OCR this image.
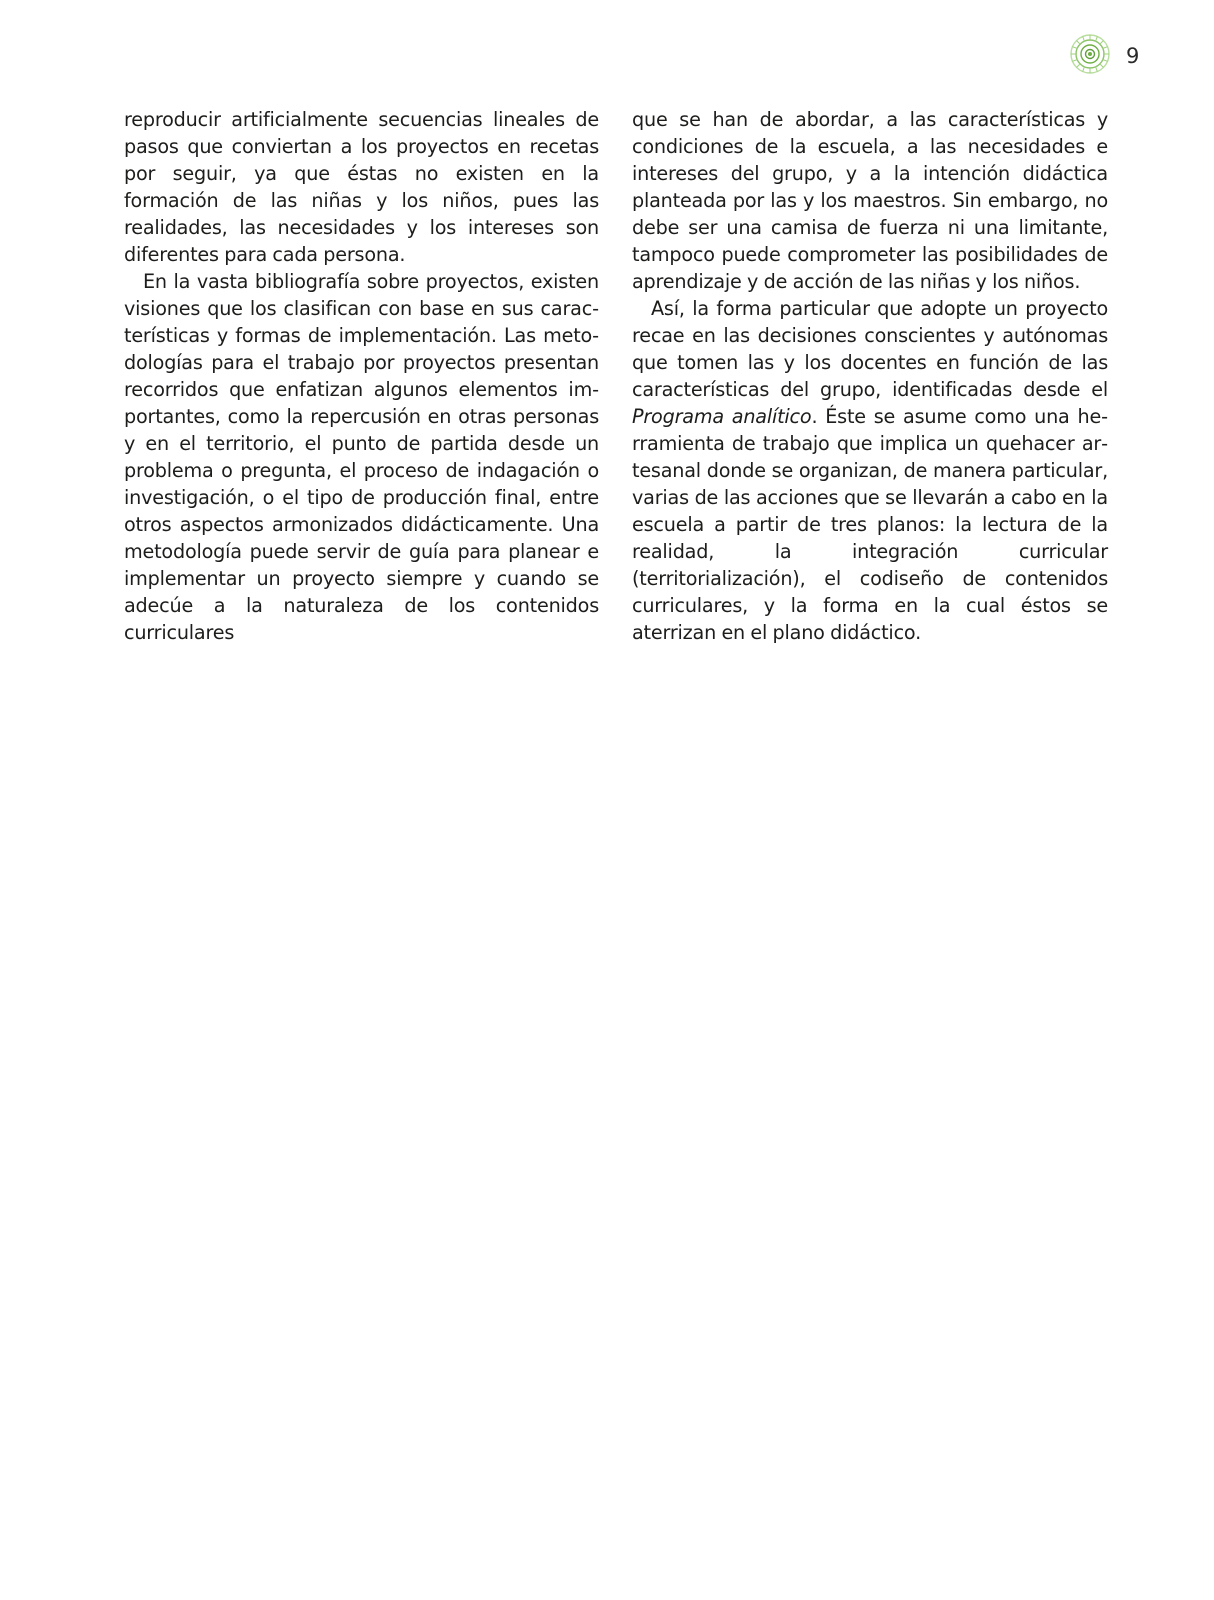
9

reproducir artificialmente secuencias lineales de pasos que conviertan a los proyectos en recetas por seguir, ya que éstas no existen en la formación de las niñas y los niños, pues las realidades, las necesidades y los intereses son diferentes para cada persona.

En la vasta bibliografía sobre proyectos, existen visiones que los clasifican con base en sus características y formas de implementación. Las metodologías para el trabajo por proyectos presentan recorridos que enfatizan algunos elementos importantes, como la repercusión en otras personas y en el territorio, el punto de partida desde un problema o pregunta, el proceso de indagación o investigación, o el tipo de producción final, entre otros aspectos armonizados didácticamente. Una metodología puede servir de guía para planear e implementar un proyecto siempre y cuando se adecúe a la naturaleza de los contenidos curriculares

que se han de abordar, a las características y condiciones de la escuela, a las necesidades e intereses del grupo, y a la intención didáctica planteada por las y los maestros. Sin embargo, no debe ser una camisa de fuerza ni una limitante, tampoco puede comprometer las posibilidades de aprendizaje y de acción de las niñas y los niños.

Así, la forma particular que adopte un proyecto recae en las decisiones conscientes y autónomas que tomen las y los docentes en función de las características del grupo, identificadas desde el Programa analítico. Éste se asume como una herramienta de trabajo que implica un quehacer artesanal donde se organizan, de manera particular, varias de las acciones que se llevarán a cabo en la escuela a partir de tres planos: la lectura de la realidad, la integración curricular (territorialización), el codiseño de contenidos curriculares, y la forma en la cual éstos se aterrizan en el plano didáctico.
